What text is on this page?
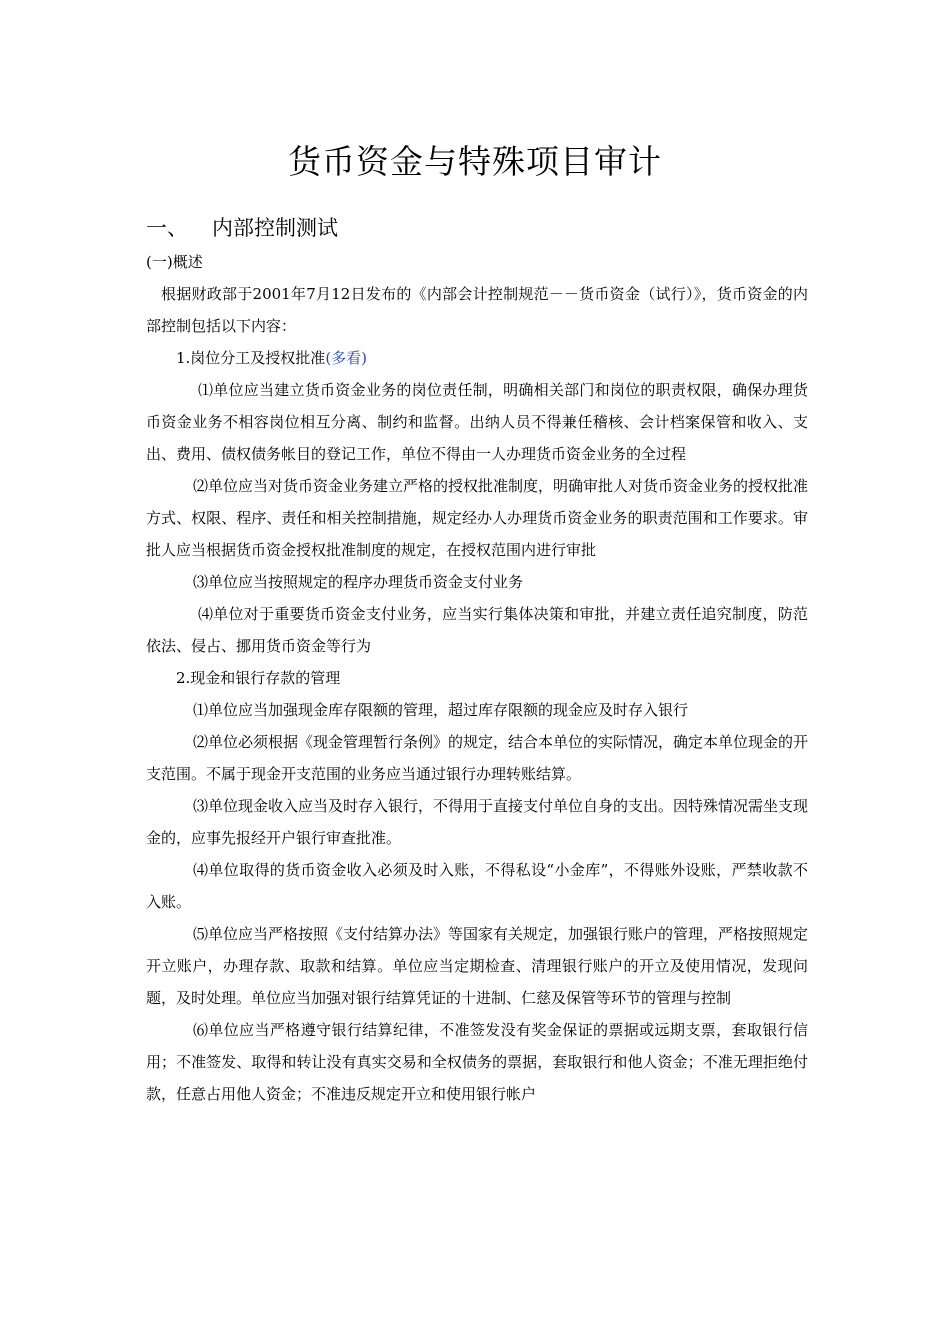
货币资金与特殊项目审计
一、 内部控制测试

(一)概述

根据财政部于2001年7月12日发布的《内部会计控制规范－－货币资金（试行）》，货币资金的内部控制包括以下内容：

1.岗位分工及授权批准(多看)

⑴单位应当建立货币资金业务的岗位责任制，明确相关部门和岗位的职责权限，确保办理货币资金业务不相容岗位相互分离、制约和监督。出纳人员不得兼任稽核、会计档案保管和收入、支出、费用、债权债务帐目的登记工作，单位不得由一人办理货币资金业务的全过程

⑵单位应当对货币资金业务建立严格的授权批准制度，明确审批人对货币资金业务的授权批准方式、权限、程序、责任和相关控制措施，规定经办人办理货币资金业务的职责范围和工作要求。审批人应当根据货币资金授权批准制度的规定，在授权范围内进行审批

⑶单位应当按照规定的程序办理货币资金支付业务

⑷单位对于重要货币资金支付业务，应当实行集体决策和审批，并建立责任追究制度，防范依法、侵占、挪用货币资金等行为

2.现金和银行存款的管理

⑴单位应当加强现金库存限额的管理，超过库存限额的现金应及时存入银行

⑵单位必须根据《现金管理暂行条例》的规定，结合本单位的实际情况，确定本单位现金的开支范围。不属于现金开支范围的业务应当通过银行办理转账结算。

⑶单位现金收入应当及时存入银行，不得用于直接支付单位自身的支出。因特殊情况需坐支现金的，应事先报经开户银行审查批准。

⑷单位取得的货币资金收入必须及时入账，不得私设“小金库”，不得账外设账，严禁收款不入账。

⑸单位应当严格按照《支付结算办法》等国家有关规定，加强银行账户的管理，严格按照规定开立账户，办理存款、取款和结算。单位应当定期检查、清理银行账户的开立及使用情况，发现问题，及时处理。单位应当加强对银行结算凭证的十进制、仁慈及保管等环节的管理与控制

⑹单位应当严格遵守银行结算纪律，不准签发没有奖金保证的票据或远期支票，套取银行信用；不准签发、取得和转让没有真实交易和全权债务的票据，套取银行和他人资金；不准无理拒绝付款，任意占用他人资金；不准违反规定开立和使用银行帐户
